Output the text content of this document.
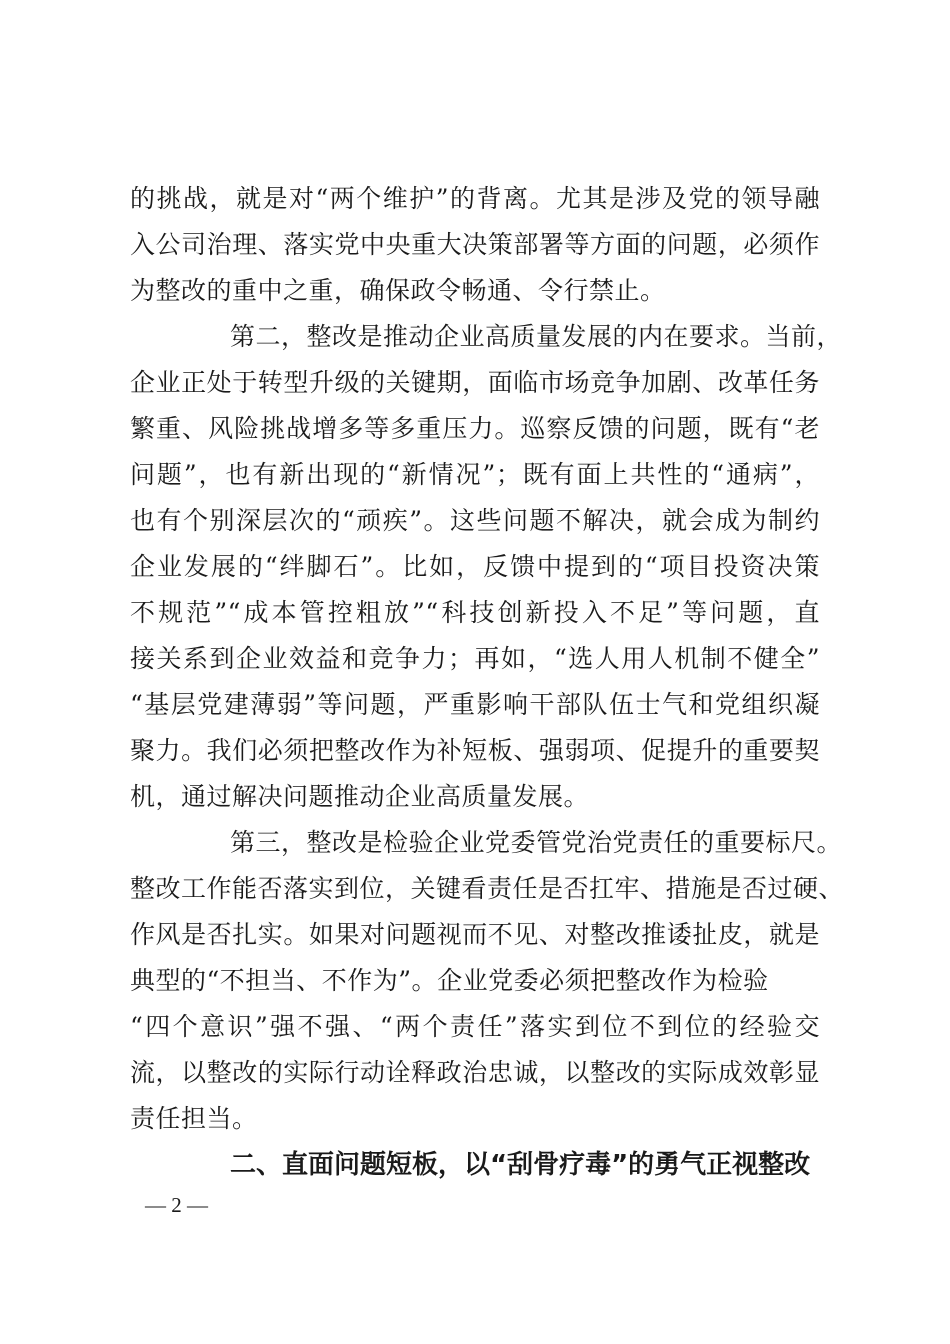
的挑战，就是对“两个维护”的背离。尤其是涉及党的领导融
入公司治理、落实党中央重大决策部署等方面的问题，必须作
为整改的重中之重，确保政令畅通、令行禁止。
第二，整改是推动企业高质量发展的内在要求。当前，
企业正处于转型升级的关键期，面临市场竞争加剧、改革任务
繁重、风险挑战增多等多重压力。巡察反馈的问题，既有“老
问题”，也有新出现的“新情况”；既有面上共性的“通病”，
也有个别深层次的“顽疾”。这些问题不解决，就会成为制约
企业发展的“绊脚石”。比如，反馈中提到的“项目投资决策
不规范”“成本管控粗放”“科技创新投入不足”等问题，直
接关系到企业效益和竞争力；再如，“选人用人机制不健全”
“基层党建薄弱”等问题，严重影响干部队伍士气和党组织凝
聚力。我们必须把整改作为补短板、强弱项、促提升的重要契
机，通过解决问题推动企业高质量发展。
第三，整改是检验企业党委管党治党责任的重要标尺。
整改工作能否落实到位，关键看责任是否扛牢、措施是否过硬、
作风是否扎实。如果对问题视而不见、对整改推诿扯皮，就是
典型的“不担当、不作为”。企业党委必须把整改作为检验
“四个意识”强不强、“两个责任”落实到位不到位的经验交
流，以整改的实际行动诠释政治忠诚，以整改的实际成效彰显
责任担当。
二、直面问题短板，以“刮骨疗毒”的勇气正视整改
— 2 —
